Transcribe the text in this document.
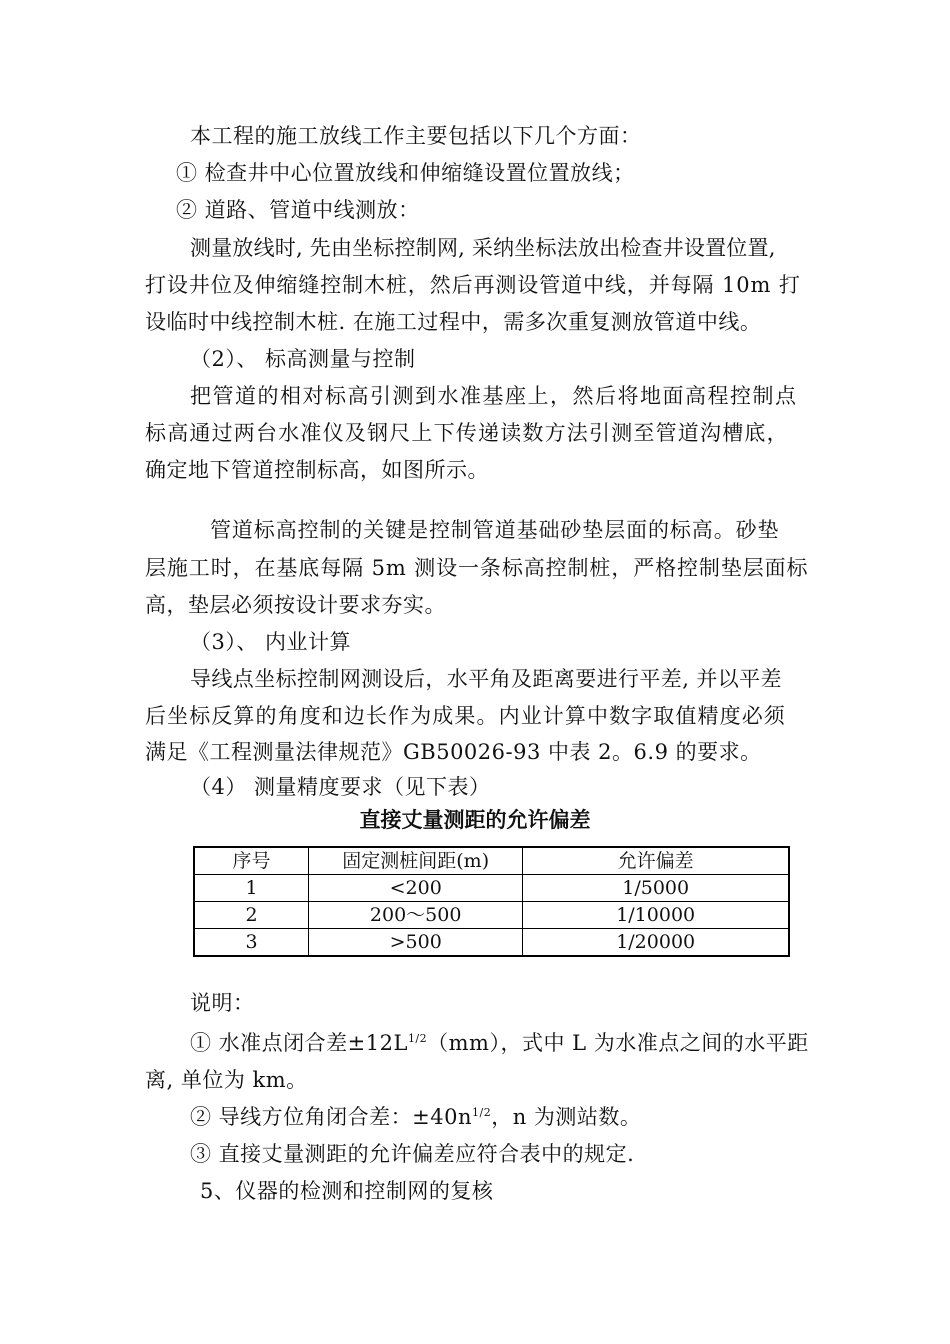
本工程的施工放线工作主要包括以下几个方面：
① 检查井中心位置放线和伸缩缝设置位置放线；
② 道路、管道中线测放：
测量放线时, 先由坐标控制网, 采纳坐标法放出检查井设置位置,
打设井位及伸缩缝控制木桩，然后再测设管道中线，并每隔 10m 打
设临时中线控制木桩. 在施工过程中，需多次重复测放管道中线。
（2）、 标高测量与控制
把管道的相对标高引测到水准基座上，然后将地面高程控制点
标高通过两台水准仪及钢尺上下传递读数方法引测至管道沟槽底，
确定地下管道控制标高，如图所示。
管道标高控制的关键是控制管道基础砂垫层面的标高。砂垫
层施工时，在基底每隔 5m 测设一条标高控制桩，严格控制垫层面标
高，垫层必须按设计要求夯实。
（3）、 内业计算
导线点坐标控制网测设后，水平角及距离要进行平差, 并以平差
后坐标反算的角度和边长作为成果。内业计算中数字取值精度必须
满足《工程测量法律规范》GB50026-93 中表 2。6.9 的要求。
（4） 测量精度要求（见下表）
直接丈量测距的允许偏差
序号	固定测桩间距(m)	允许偏差
1	<200	1/5000
2	200～500	1/10000
3	>500	1/20000
说明：
① 水准点闭合差$\pm 12L^{1/2}(mm)$，式中 L 为水准点之间的水平距
离, 单位为 km。
② 导线方位角闭合差：$\pm 40n^{1/2}$，n 为测站数。
③ 直接丈量测距的允许偏差应符合表中的规定.
5、仪器的检测和控制网的复核
